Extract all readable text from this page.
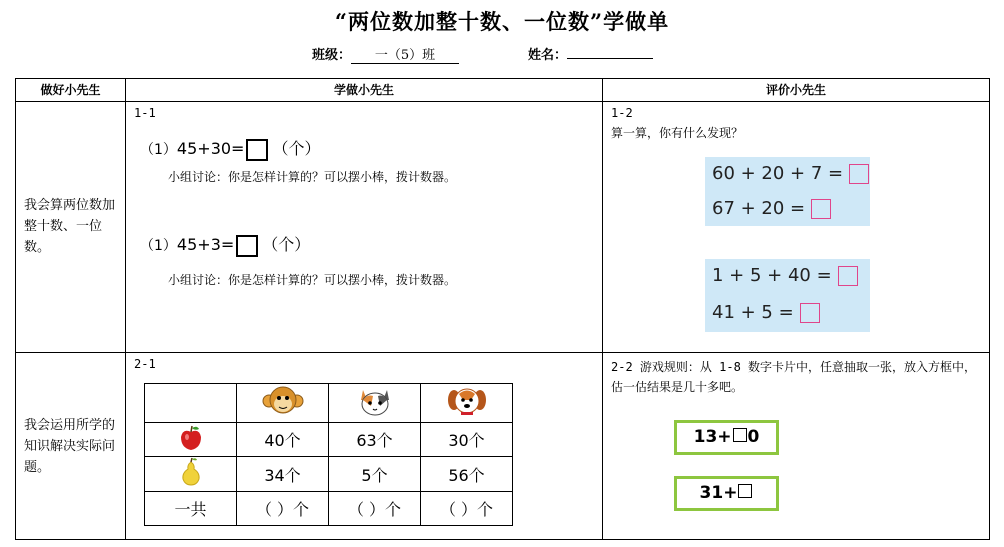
“两位数加整十数、一位数”学做单
班级： 一（5）班	姓名：
做好小先生	学做小先生	评价小先生
我会算两位数加整十数、一位数。
1-1
（1）45+30= （个）
小组讨论：你是怎样计算的？可以摆小棒，拨计数器。
（1）45+3= （个）
小组讨论：你是怎样计算的？可以摆小棒，拨计数器。
1-2
算一算，你有什么发现？
60 + 20 + 7 =
67 + 20 =
1 + 5 + 40 =
41 + 5 =
我会运用所学的知识解决实际问题。
2-1

	40个	63个	30个
	34个	5个	56个
一共	（ ）个	（ ）个	（ ）个
2-2 游戏规则：从 1-8 数字卡片中，任意抽取一张，放入方框中，估一估结果是几十多吧。
13+ 0
31+
